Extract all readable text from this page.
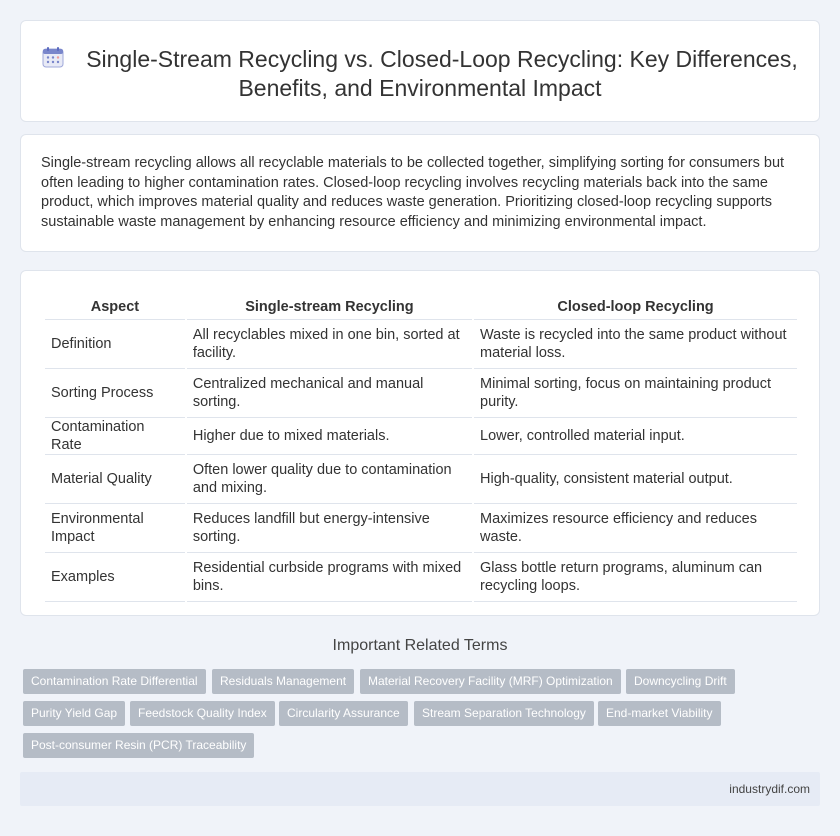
Single-Stream Recycling vs. Closed-Loop Recycling: Key Differences, Benefits, and Environmental Impact

Single-stream recycling allows all recyclable materials to be collected together, simplifying sorting for consumers but often leading to higher contamination rates. Closed-loop recycling involves recycling materials back into the same product, which improves material quality and reduces waste generation. Prioritizing closed-loop recycling supports sustainable waste management by enhancing resource efficiency and minimizing environmental impact.

Aspect	Single-stream Recycling	Closed-loop Recycling
Definition	All recyclables mixed in one bin, sorted at facility.	Waste is recycled into the same product without material loss.
Sorting Process	Centralized mechanical and manual sorting.	Minimal sorting, focus on maintaining product purity.
Contamination Rate	Higher due to mixed materials.	Lower, controlled material input.
Material Quality	Often lower quality due to contamination and mixing.	High-quality, consistent material output.
Environmental Impact	Reduces landfill but energy-intensive sorting.	Maximizes resource efficiency and reduces waste.
Examples	Residential curbside programs with mixed bins.	Glass bottle return programs, aluminum can recycling loops.
Important Related Terms
Contamination Rate Differential	Residuals Management	Material Recovery Facility (MRF) Optimization	Downcycling Drift
Purity Yield Gap	Feedstock Quality Index	Circularity Assurance	Stream Separation Technology	End-market Viability
Post-consumer Resin (PCR) Traceability
industrydif.com
